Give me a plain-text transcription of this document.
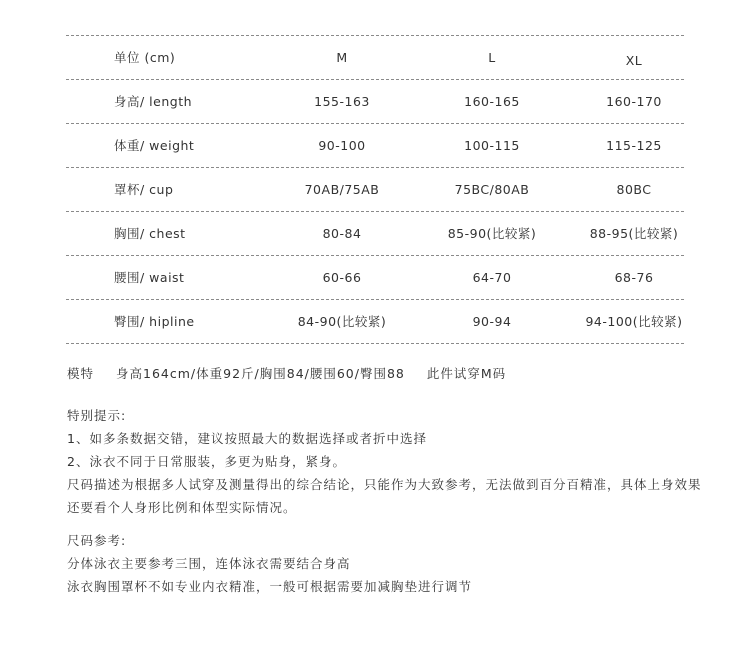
单位 (cm)	M	L	XL
身高/ length	155-163	160-165	160-170
体重/ weight	90-100	100-115	115-125
罩杯/ cup	70AB/75AB	75BC/80AB	80BC
胸围/ chest	80-84	85-90(比较紧)	88-95(比较紧)
腰围/ waist	60-66	64-70	68-76
臀围/ hipline	84-90(比较紧)	90-94	94-100(比较紧)

模特 身高164cm/体重92斤/胸围84/腰围60/臀围88 此件试穿M码

特别提示:

1、如多条数据交错，建议按照最大的数据选择或者折中选择

2、泳衣不同于日常服装，多更为贴身，紧身。

尺码描述为根据多人试穿及测量得出的综合结论，只能作为大致参考，无法做到百分百精准，具体上身效果还要看个人身形比例和体型实际情况。

尺码参考:

分体泳衣主要参考三围，连体泳衣需要结合身高

泳衣胸围罩杯不如专业内衣精准，一般可根据需要加减胸垫进行调节
